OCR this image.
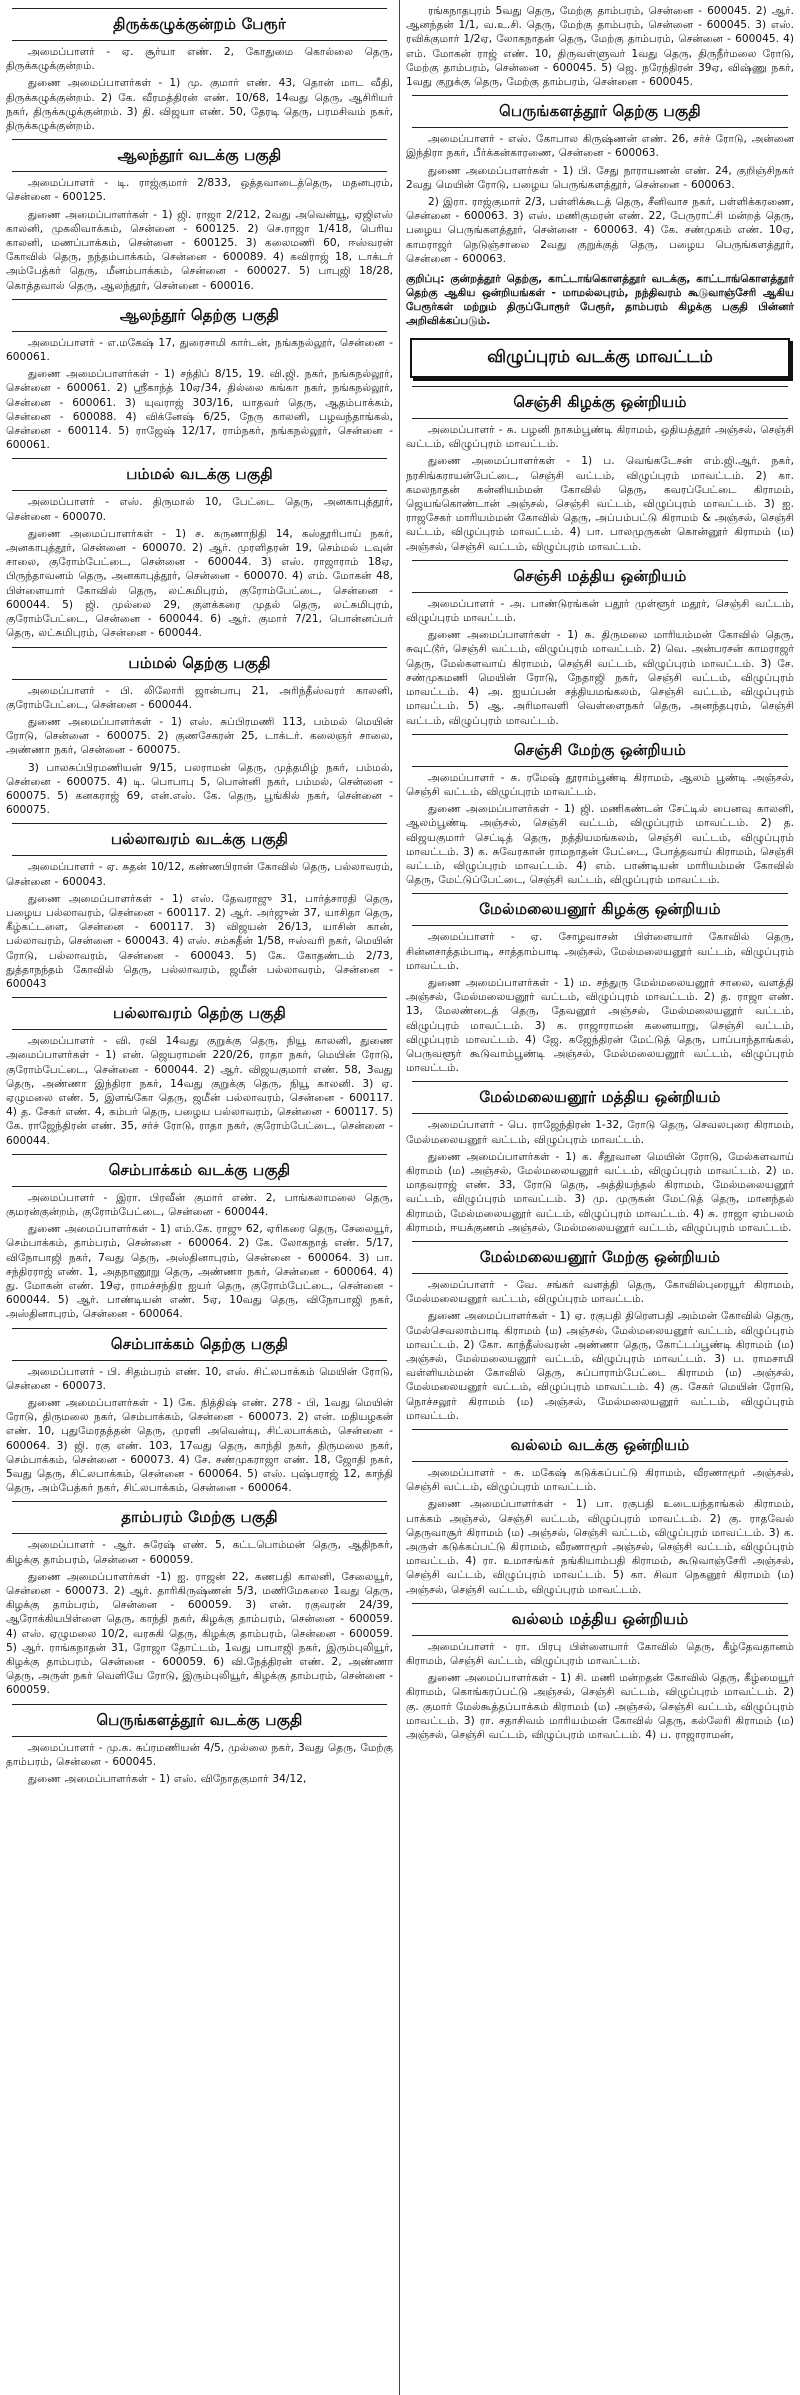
திருக்கழுக்குன்றம் பேரூர்
அமைப்பாளர் - ஏ. சூர்யா எண். 2, கோதுமை கொல்லை தெரு, திருக்கழுக்குன்றம்.
துணை அமைப்பாளர்கள் - 1) மு. குமார் எண். 43, தொன் மாட வீதி, திருக்கழுக்குன்றம். 2) கே. வீரமத்திரன் எண். 10/68, 14வது தெரு, ஆசிரியர் நகர், திருக்கழுக்குன்றம். 3) தி. விஜயா எண். 50, தேரடி தெரு, பரமசிவம் நகர், திருக்கழுக்குன்றம்.
ஆலந்தூர் வடக்கு பகுதி
அமைப்பாளர் - டி. ராஜ்குமார் 2/833, ஒத்தவாடைத்தெரு, மதனபுரம், சென்னை - 600125.
துணை அமைப்பாளர்கள் - 1) ஜி. ராஜா 2/212, 2வது அவென்யூ, ஏஜிஎஸ் காலனி, முகலிவாக்கம், சென்னை - 600125. 2) செ.ராஜா 1/418, பெரிய காலனி, மணப்பாக்கம், சென்னை - 600125. 3) கலைமணி 60, ஈஸ்வரன் கோவில் தெரு, நந்தம்பாக்கம், சென்னை - 600089. 4) கவிராஜ் 18, டாக்டர் அம்பேத்கர் தெரு, மீனம்பாக்கம், சென்னை - 600027. 5) பாபுஜி 18/28, கொத்தவால் தெரு, ஆலந்தூர், சென்னை - 600016.
ஆலந்தூர் தெற்கு பகுதி
அமைப்பாளர் - எ.மகேஷ் 17, துரைசாமி கார்டன், நங்கநல்லூர், சென்னை - 600061.
துணை அமைப்பாளர்கள் - 1) சந்திப் 8/15, 19. வி.ஜி. நகர், நங்கநல்லூர், சென்னை - 600061. 2) ஸ்ரீகாந்த் 10ஏ/34, தில்லை கங்கா நகர், நங்கநல்லூர், சென்னை - 600061. 3) யுவராஜ் 303/16, யாதவர் தெரு, ஆதம்பாக்கம், சென்னை - 600088. 4) விக்னேஷ் 6/25, நேரு காலனி, பழவந்தாங்கல், சென்னை - 600114. 5) ராஜேஷ் 12/17, ராம்நகர், நங்கநல்லூர், சென்னை - 600061.
பம்மல் வடக்கு பகுதி
அமைப்பாளர் - எஸ். திருமால் 10, பேட்டை தெரு, அனகாபுத்தூர், சென்னை - 600070.
துணை அமைப்பாளர்கள் - 1) ச. கருணாநிதி 14, கஸ்தூரிபாய் நகர், அனகாபுத்தூர், சென்னை - 600070. 2) ஆர். முரளிதரன் 19, செம்மல் டவுன் சாலை, குரோம்பேட்டை, சென்னை - 600044. 3) எஸ். ராஜாராம் 18ஏ, பிருந்தாவனம் தெரு, அனகாபுத்தூர், சென்னை - 600070. 4) எம். மோகன் 48, பிள்ளையார் கோவில் தெரு, லட்சுமிபுரம், குரோம்பேட்டை, சென்னை - 600044. 5) ஜி. முல்லை 29, குளக்கரை முதல் தெரு, லட்சுமிபுரம், குரோம்பேட்டை, சென்னை - 600044. 6) ஆர். குமார் 7/21, பொன்னப்பர் தெரு, லட்சுமிபுரம், சென்னை - 600044.
பம்மல் தெற்கு பகுதி
அமைப்பாளர் - பி. லிலோரி ஜான்பாபு 21, அரிந்தீஸ்வரர் காலனி, குரோம்பேட்டை, சென்னை - 600044.
துணை அமைப்பாளர்கள் - 1) எஸ். சுப்பிரமணி 113, பம்மல் மெயின் ரோடு, சென்னை - 600075. 2) குணசேகரன் 25, டாக்டர். கலைஞர் சாலை, அண்ணா நகர், சென்னை - 600075.
3) பாலசுப்பிரமணியன் 9/15, பலராமன் தெரு, முத்தமிழ் நகர், பம்மல், சென்னை - 600075. 4) டி. பொபாபு 5, பொன்னி நகர், பம்மல், சென்னை - 600075. 5) கனகராஜ் 69, என்.எஸ். கே. தெரு, பூங்கில் நகர், சென்னை - 600075.
பல்லாவரம் வடக்கு பகுதி
அமைப்பாளர் - ஏ. சுதன் 10/12, கண்ணபிரான் கோவில் தெரு, பல்லாவரம், சென்னை - 600043.
துணை அமைப்பாளர்கள் - 1) எஸ். தேவராஜு 31, பார்த்சாரதி தெரு, பழைய பல்லாவரம், சென்னை - 600117. 2) ஆர். அர்ஜுன் 37, யாசிதா தெரு, கீழ்கட்டளை, சென்னை - 600117. 3) விஜயன் 26/13, யாசின் கான், பல்லாவரம், சென்னை - 600043. 4) எஸ். சம்சுதீன் 1/58, ஈஸ்வரி நகர், மெயின் ரோடு, பல்லாவரம், சென்னை - 600043. 5) கே. கோதண்டம் 2/73, துத்தாநந்தம் கோவில் தெரு, பல்லாவரம், ஜமீன் பல்லாவரம், சென்னை - 600043
பல்லாவரம் தெற்கு பகுதி
அமைப்பாளர் - வி. ரவி 14வது குறுக்கு தெரு, நியூ காலனி, துணை அமைப்பாளர்கள் - 1) என். ஜெயராமன் 220/26, ராதா நகர், மெயின் ரோடு, குரோம்பேட்டை, சென்னை - 600044. 2) ஆர். விஜயகுமார் எண். 58, 3வது தெரு, அண்ணா இந்திரா நகர், 14வது குறுக்கு தெரு, நியூ காலனி. 3) ஏ. ஏழுமலை எண். 5, இளங்கோ தெரு, ஜமீன் பல்லாவரம், சென்னை - 600117. 4) த. சேகர் எண். 4, கம்பர் தெரு, பழைய பல்லாவரம், சென்னை - 600117. 5) கே. ராஜேந்திரன் எண். 35, சர்ச் ரோடு, ராதா நகர், குரோம்பேட்டை, சென்னை - 600044.
செம்பாக்கம் வடக்கு பகுதி
அமைப்பாளர் - இரா. பிரவீன் குமார் எண். 2, பாங்கலாமலை தெரு, குமரன்குன்றம், குரோம்பேட்டை, சென்னை - 600044.
துணை அமைப்பாளர்கள் - 1) எம்.கே. ராஜு 62, ஏரிகரை தெரு, சேலையூர், செம்பாக்கம், தாம்பரம், சென்னை - 600064. 2) கே. லோகநாத் எண். 5/17, விநோபாஜி நகர், 7வது தெரு, அஸ்தினாபுரம், சென்னை - 600064. 3) பா. சந்திரராஜ் எண். 1, அதநாணூறு தெரு, அண்ணா நகர், சென்னை - 600064. 4) து. மோகன் எண். 19ஏ, ராமச்சந்திர ஐயர் தெரு, குரோம்பேட்டை, சென்னை - 600044. 5) ஆர். பாண்டியன் எண். 5ஏ, 10வது தெரு, விநோபாஜி நகர், அஸ்தினாபுரம், சென்னை - 600064.
செம்பாக்கம் தெற்கு பகுதி
அமைப்பாளர் - பி. சிதம்பரம் எண். 10, எஸ். சிட்லபாக்கம் மெயின் ரோடு, சென்னை - 600073.
துணை அமைப்பாளர்கள் - 1) கே. நித்திஷ் எண். 278 - பி, 1வது மெயின் ரோடு, திருமலை நகர், செம்பாக்கம், சென்னை - 600073. 2) என். மதியழகன் எண். 10, புதுமேரதத்தன் தெரு, முரளி அவென்யு, சிட்லபாக்கம், சென்னை - 600064. 3) ஜி. ரகு எண். 103, 17வது தெரு, காந்தி நகர், திருமலை நகர், செம்பாக்கம், சென்னை - 600073. 4) சே. சண்முகராஜா எண். 18, ஜோதி நகர், 5வது தெரு, சிட்லபாக்கம், சென்னை - 600064. 5) எஸ். புஷ்பராஜ் 12, காந்தி தெரு, அம்பேத்கர் நகர், சிட்லபாக்கம், சென்னை - 600064.
தாம்பரம் மேற்கு பகுதி
அமைப்பாளர் - ஆர். சுரேஷ் எண். 5, கட்டபொம்மன் தெரு, ஆதிநகர், கிழக்கு தாம்பரம், சென்னை - 600059.
துணை அமைப்பாளர்கள் -1) ஐ. ராஜன் 22, கணபதி காலனி, சேலையூர், சென்னை - 600073. 2) ஆர். தாரிகிருஷ்ணன் 5/3, மணிமேகலை 1வது தெரு, கிழக்கு தாம்பரம், சென்னை - 600059. 3) என். ரகுவரன் 24/39, ஆரோக்கியபிள்ளை தெரு, காந்தி நகர், கிழக்கு தாம்பரம், சென்னை - 600059. 4) எஸ். ஏழுமலை 10/2, வரசுகி தெரு, கிழக்கு தாம்பரம், சென்னை - 600059. 5) ஆர். ராங்கநாதன் 31, ரோஜா தோட்டம், 1வது பாபாஜி நகர், இரும்புலியூர், கிழக்கு தாம்பரம், சென்னை - 600059. 6) வி.நேத்திரன் எண். 2, அண்ணா தெரு, அருள் நகர் வெளியே ரோடு, இரும்புலியூர், கிழக்கு தாம்பரம், சென்னை - 600059.
பெருங்களத்தூர் வடக்கு பகுதி
அமைப்பாளர் - மு.க. சுப்ரமணியன் 4/5, முல்லை நகர், 3வது தெரு, மேற்கு தாம்பரம், சென்னை - 600045.
துணை அமைப்பாளர்கள் - 1) எஸ். விநோதகுமார் 34/12,
ரங்கநாதபுரம் 5வது தெரு, மேற்கு தாம்பரம், சென்னை - 600045. 2) ஆர். ஆனந்தன் 1/1, வ.உ.சி. தெரு, மேற்கு தாம்பரம், சென்னை - 600045. 3) எஸ். ரவிக்குமார் 1/2ஏ, லோகநாதன் தெரு, மேற்கு தாம்பரம், சென்னை - 600045. 4) எம். மோகன் ராஜ் எண். 10, திருவள்ளுவர் 1வது தெரு, திருநீர்மலை ரோடு, மேற்கு தாம்பரம், சென்னை - 600045. 5) ஜெ. நரேந்திரன் 39ஏ, விஷ்ணு நகர், 1வது குறுக்கு தெரு, மேற்கு தாம்பரம், சென்னை - 600045.
பெருங்களத்தூர் தெற்கு பகுதி
அமைப்பாளர் - எஸ். கோபால கிருஷ்ணன் எண். 26, சர்ச் ரோடு, அன்னை இந்திரா நகர், பீர்க்கன்காரணை, சென்னை - 600063.
துணை அமைப்பாளர்கள் - 1) பி. சேது நாராயணன் எண். 24, குறிஞ்சிநகர் 2வது மெயின் ரோடு, பழைய பெருங்களத்தூர், சென்னை - 600063.
2) இரா. ராஜ்குமார் 2/3, பள்ளிக்கூடத் தெரு, சீனிவாச நகர், பள்ளிக்கரணை, சென்னை - 600063. 3) எஸ். மணிகுமரன் எண். 22, பேருராட்சி மன்றத் தெரு, பழைய பெருங்களத்தூர், சென்னை - 600063. 4) கே. சண்முகம் எண். 10ஏ, காமராஜர் நெடுஞ்சாலை 2வது குறுக்குத் தெரு, பழைய பெருங்களத்தூர், சென்னை - 600063.
குறிப்பு: குன்றத்தூர் தெற்கு, காட்டாங்கொளத்தூர் வடக்கு, காட்டாங்கொளத்தூர் தெற்கு ஆகிய ஒன்றியங்கள் - மாமல்லபுரம், நந்திவரம் கூடுவாஞ்சேரி ஆகிய பேரூர்கள் மற்றும் திருப்போரூர் பேரூர், தாம்பரம் கிழக்கு பகுதி பின்னர் அறிவிக்கப்படும்.
விழுப்புரம் வடக்கு மாவட்டம்
செஞ்சி கிழக்கு ஒன்றியம்
அமைப்பாளர் - சு. பழனி நாகம்பூண்டி கிராமம், ஒதியத்தூர் அஞ்சல், செஞ்சி வட்டம், விழுப்புரம் மாவட்டம்.
துணை அமைப்பாளர்கள் - 1) ப. வெங்கடேசன் எம்.ஜி.ஆர். நகர், நரசிங்கராயன்பேட்டை, செஞ்சி வட்டம், விழுப்புரம் மாவட்டம். 2) கா. கமலநாதன் கன்னியம்மன் கோவில் தெரு, கவரப்பேட்டை கிராமம், ஜெயங்கொண்டான் அஞ்சல், செஞ்சி வட்டம், விழுப்புரம் மாவட்டம். 3) ஐ. ராஜசேகர் மாரியம்மன் கோவில் தெரு, அப்பம்பட்டு கிராமம் & அஞ்சல், செஞ்சி வட்டம், விழுப்புரம் மாவட்டம். 4) பா. பாலமுருகன் கொன்னூர் கிராமம் (ம) அஞ்சல், செஞ்சி வட்டம், விழுப்புரம் மாவட்டம்.
செஞ்சி மத்திய ஒன்றியம்
அமைப்பாளர் - அ. பாண்டுரங்கன் பதூர் முள்ளூர் மதூர், செஞ்சி வட்டம், விழுப்புரம் மாவட்டம்.
துணை அமைப்பாளர்கள் - 1) சு. திருமலை மாரியம்மன் கோவில் தெரு, சுவுட்டூர், செஞ்சி வட்டம், விழுப்புரம் மாவட்டம். 2) வெ. அன்பரசன் காமராஜர் தெரு, மேல்களவாய் கிராமம், செஞ்சி வட்டம், விழுப்புரம் மாவட்டம். 3) சே. சண்முகமணி மெயின் ரோடு, நேதாஜி நகர், செஞ்சி வட்டம், விழுப்புரம் மாவட்டம். 4) அ. ஐயப்பன் சத்தியமங்கலம், செஞ்சி வட்டம், விழுப்புரம் மாவட்டம். 5) ஆ. அரிமாவளி வெள்ளைநகர் தெரு, அனந்தபுரம், செஞ்சி வட்டம், விழுப்புரம் மாவட்டம்.
செஞ்சி மேற்கு ஒன்றியம்
அமைப்பாளர் - சு. ரமேஷ் தூராம்பூண்டி கிராமம், ஆலம் பூண்டி அஞ்சல், செஞ்சி வட்டம், விழுப்புரம் மாவட்டம்.
துணை அமைப்பாளர்கள் - 1) ஜி. மணிகண்டன் சேட்டில் பைனவு காலனி, ஆலம்பூண்டி அஞ்சல், செஞ்சி வட்டம், விழுப்புரம் மாவட்டம். 2) த. விஜயகுமார் செட்டித் தெரு, நத்தியமங்கலம், செஞ்சி வட்டம், விழுப்புரம் மாவட்டம். 3) க. சுவேரகான் ராமநாதன் பேட்டை, போத்தவாய் கிராமம், செஞ்சி வட்டம், விழுப்புரம் மாவட்டம். 4) எம். பாண்டியன் மாரியம்மன் கோவில் தெரு, மேட்டுப்பேட்டை, செஞ்சி வட்டம், விழுப்புரம் மாவட்டம்.
மேல்மலையனூர் கிழக்கு ஒன்றியம்
அமைப்பாளர் - ஏ. சோழவாசன் பிள்ளையார் கோவில் தெரு, சின்னசாத்தம்பாடி, சாத்தாம்பாடி அஞ்சல், மேல்மலையனூர் வட்டம், விழுப்புரம் மாவட்டம்.
துணை அமைப்பாளர்கள் - 1) ம. சந்துரு மேல்மலையனூர் சாலை, வளத்தி அஞ்சல், மேல்மலையனூர் வட்டம், விழுப்புரம் மாவட்டம். 2) த. ராஜா எண். 13, மேலண்டைத் தெரு, தேவனூர் அஞ்சல், மேல்மலையனூர் வட்டம், விழுப்புரம் மாவட்டம். 3) க. ராஜாராமன் கனையாறு, செஞ்சி வட்டம், விழுப்புரம் மாவட்டம். 4) ஜே. கஜேந்திரன் மேட்டுத் தெரு, பாப்பாந்தாங்கல், பெருவளூர் கூடுவாம்பூண்டி அஞ்சல், மேல்மலையனூர் வட்டம், விழுப்புரம் மாவட்டம்.
மேல்மலையனூர் மத்திய ஒன்றியம்
அமைப்பாளர் - பெ. ராஜேந்திரன் 1-32, ரோடு தெரு, செவலபுரை கிராமம், மேல்மலையனூர் வட்டம், விழுப்புரம் மாவட்டம்.
துணை அமைப்பாளர்கள் - 1) க. சீதூவான மெயின் ரோடு, மேல்களவாய் கிராமம் (ம) அஞ்சல், மேல்மலையனூர் வட்டம், விழுப்புரம் மாவட்டம். 2) ம. மாதவராஜ் எண். 33, ரோடு தெரு, அத்தியந்தல் கிராமம், மேல்மலையனூர் வட்டம், விழுப்புரம் மாவட்டம். 3) மு. முருகன் மேட்டுத் தெரு, மானந்தல் கிராமம், மேல்மலையனூர் வட்டம், விழுப்புரம் மாவட்டம். 4) சு. ராஜா ஏம்பலம் கிராமம், ஈயக்குணம் அஞ்சல், மேல்மலையனூர் வட்டம், விழுப்புரம் மாவட்டம்.
மேல்மலையனூர் மேற்கு ஒன்றியம்
அமைப்பாளர் - வே. சங்கர் வளத்தி தெரு, கோவில்புரையூர் கிராமம், மேல்மலையனூர் வட்டம், விழுப்புரம் மாவட்டம்.
துணை அமைப்பாளர்கள் - 1) ஏ. ரகுபதி திரௌபதி அம்மன் கோவில் தெரு, மேல்செவலாம்பாடி கிராமம் (ம) அஞ்சல், மேல்மலையனூர் வட்டம், விழுப்புரம் மாவட்டம். 2) கோ. காந்தீஸ்வரன் அண்ணா தெரு, கோட்டப்பூண்டி கிராமம் (ம) அஞ்சல், மேல்மலையனூர் வட்டம், விழுப்புரம் மாவட்டம். 3) ப. ராமசாமி வள்ளியம்மன் கோவில் தெரு, சுப்பாராம்பேட்டை கிராமம் (ம) அஞ்சல், மேல்மலையனூர் வட்டம், விழுப்புரம் மாவட்டம். 4) கு. சேகர் மெயின் ரோடு, நொச்சலூர் கிராமம் (ம) அஞ்சல், மேல்மலையனூர் வட்டம், விழுப்புரம் மாவட்டம்.
வல்லம் வடக்கு ஒன்றியம்
அமைப்பாளர் - சு. மகேஷ் கடுக்கப்பட்டு கிராமம், வீரணாமூர் அஞ்சல், செஞ்சி வட்டம், விழுப்புரம் மாவட்டம்.
துணை அமைப்பாளர்கள் - 1) பா. ரகுபதி உடையந்தாங்கல் கிராமம், பாக்கம் அஞ்சல், செஞ்சி வட்டம், விழுப்புரம் மாவட்டம். 2) கு. ராதவேல் தெருவாசூர் கிராமம் (ம) அஞ்சல், செஞ்சி வட்டம், விழுப்புரம் மாவட்டம். 3) க. அருள் கடுக்கப்பட்டு கிராமம், வீரணாமூர் அஞ்சல், செஞ்சி வட்டம், விழுப்புரம் மாவட்டம். 4) ரா. உமாசங்கர் நங்கியாம்பதி கிராமம், கூடுவாஞ்சேரி அஞ்சல், செஞ்சி வட்டம், விழுப்புரம் மாவட்டம். 5) கா. சிவா நெகனூர் கிராமம் (ம) அஞ்சல், செஞ்சி வட்டம், விழுப்புரம் மாவட்டம்.
வல்லம் மத்திய ஒன்றியம்
அமைப்பாளர் - ரா. பிரபு பிள்ளையார் கோவில் தெரு, கீழ்தேவதானம் கிராமம், செஞ்சி வட்டம், விழுப்புரம் மாவட்டம்.
துணை அமைப்பாளர்கள் - 1) சி. மணி மன்றதன் கோவில் தெரு, கீழ்மையூர் கிராமம், கொங்கரப்பட்டு அஞ்சல், செஞ்சி வட்டம், விழுப்புரம் மாவட்டம். 2) கு. குமார் மேல்கூத்தப்பாக்கம் கிராமம் (ம) அஞ்சல், செஞ்சி வட்டம், விழுப்புரம் மாவட்டம். 3) ரா. சதாசிவம் மாரியம்மன் கோவில் தெரு, கல்லேரி கிராமம் (ம) அஞ்சல், செஞ்சி வட்டம், விழுப்புரம் மாவட்டம். 4) ப. ராஜாராமன்,
